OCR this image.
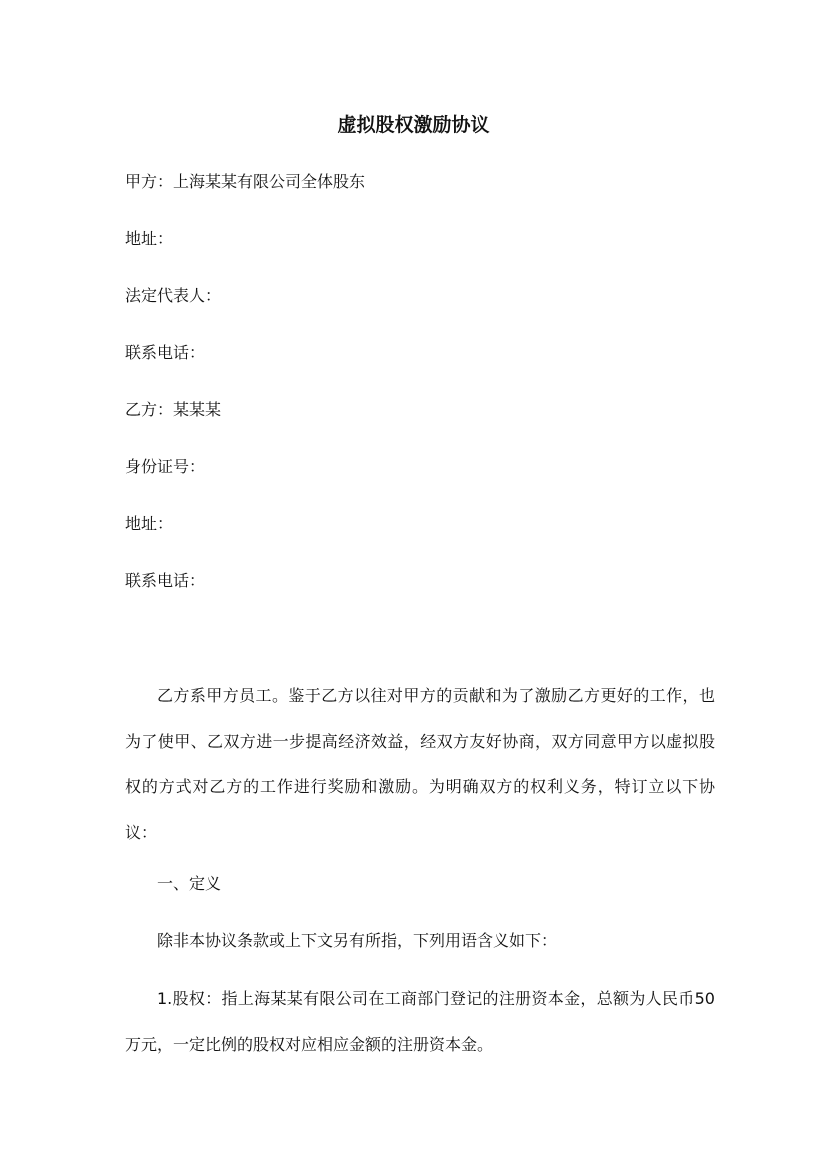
虚拟股权激励协议
甲方：上海某某有限公司全体股东
地址：
法定代表人：
联系电话：
乙方：某某某
身份证号：
地址：
联系电话：
乙方系甲方员工。鉴于乙方以往对甲方的贡献和为了激励乙方更好的工作，也为了使甲、乙双方进一步提高经济效益，经双方友好协商，双方同意甲方以虚拟股权的方式对乙方的工作进行奖励和激励。为明确双方的权利义务，特订立以下协议：
一、定义
除非本协议条款或上下文另有所指，下列用语含义如下：
1.股权：指上海某某有限公司在工商部门登记的注册资本金，总额为人民币50万元，一定比例的股权对应相应金额的注册资本金。
